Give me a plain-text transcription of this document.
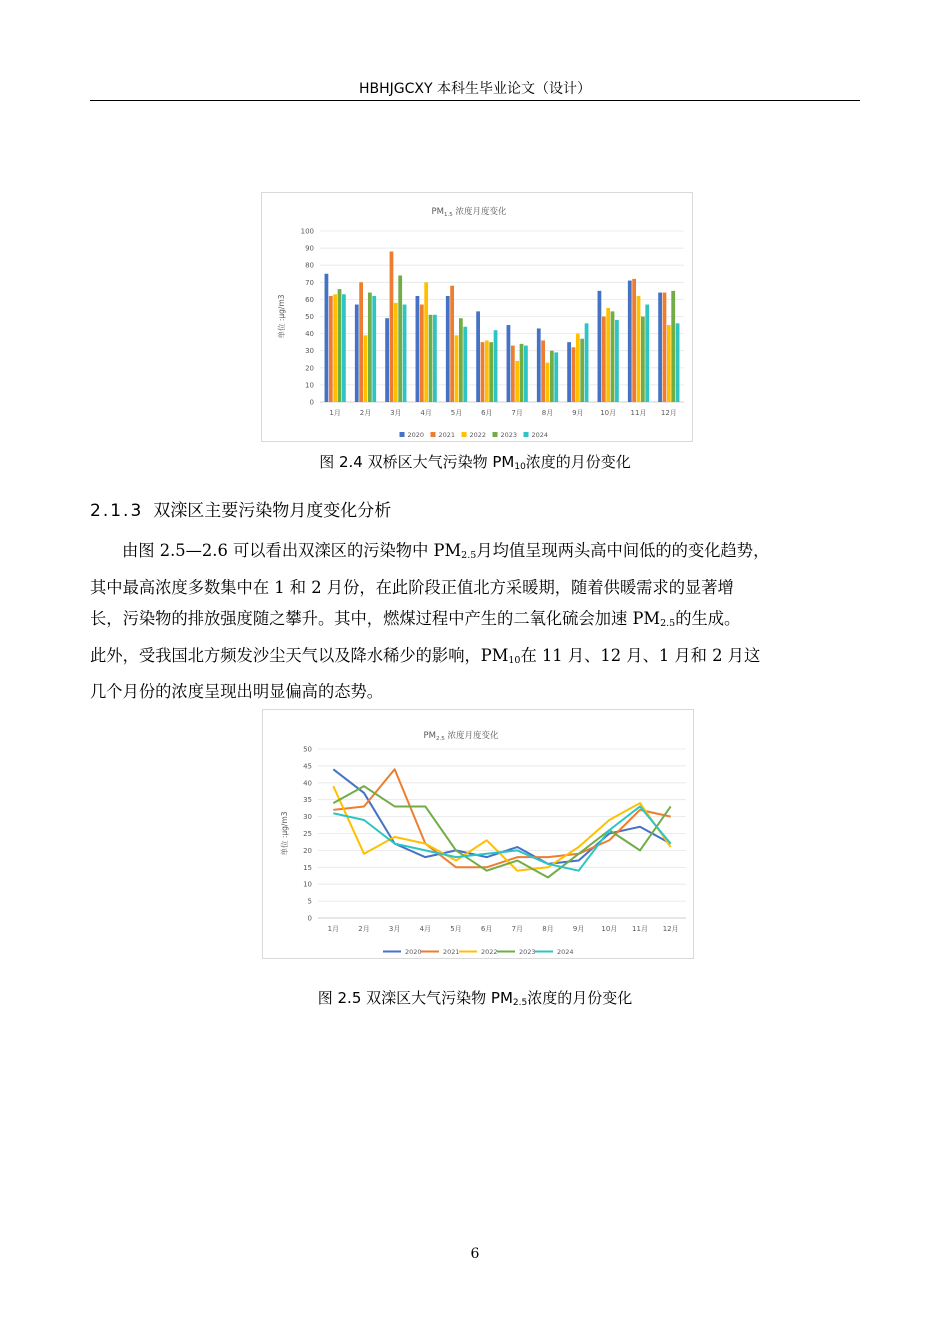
HBHJGCXY 本科生毕业论文（设计）
$PM_{1.5}$ 浓度月度变化
0
10
20
30
40
50
60
70
80
90
100
单位 :μg/m3
1月	2月	3月	4月	5月	6月	7月	8月	9月 10月 11月 12月
2020 2021 2022 2023 2024
图 2.4 双桥区大气污染物 $PM_{10}$浓度的月份变化
2.1.3 双滦区主要污染物月度变化分析
由图 2.5—2.6 可以看出双滦区的污染物中 $PM_{2.5}$月均值呈现两头高中间低的的变化趋势，
其中最高浓度多数集中在 1 和 2 月份，在此阶段正值北方采暖期，随着供暖需求的显著增
长，污染物的排放强度随之攀升。其中，燃煤过程中产生的二氧化硫会加速 $PM_{2.5}$的生成。
此外，受我国北方频发沙尘天气以及降水稀少的影响，$PM_{10}$在 11 月、12 月、1 月和 2 月这
几个月份的浓度呈现出明显偏高的态势。
$PM_{2.5}$ 浓度月度变化
0
5
10
15
20
25
30
35
40
45
50
单位 :μg/m3
1月	2月	3月	4月	5月	6月	7月	8月	9月 10月 11月 12月
2020	2021	2022	2023	2024
图 2.5 双滦区大气污染物 $PM_{2.5}$浓度的月份变化
6
